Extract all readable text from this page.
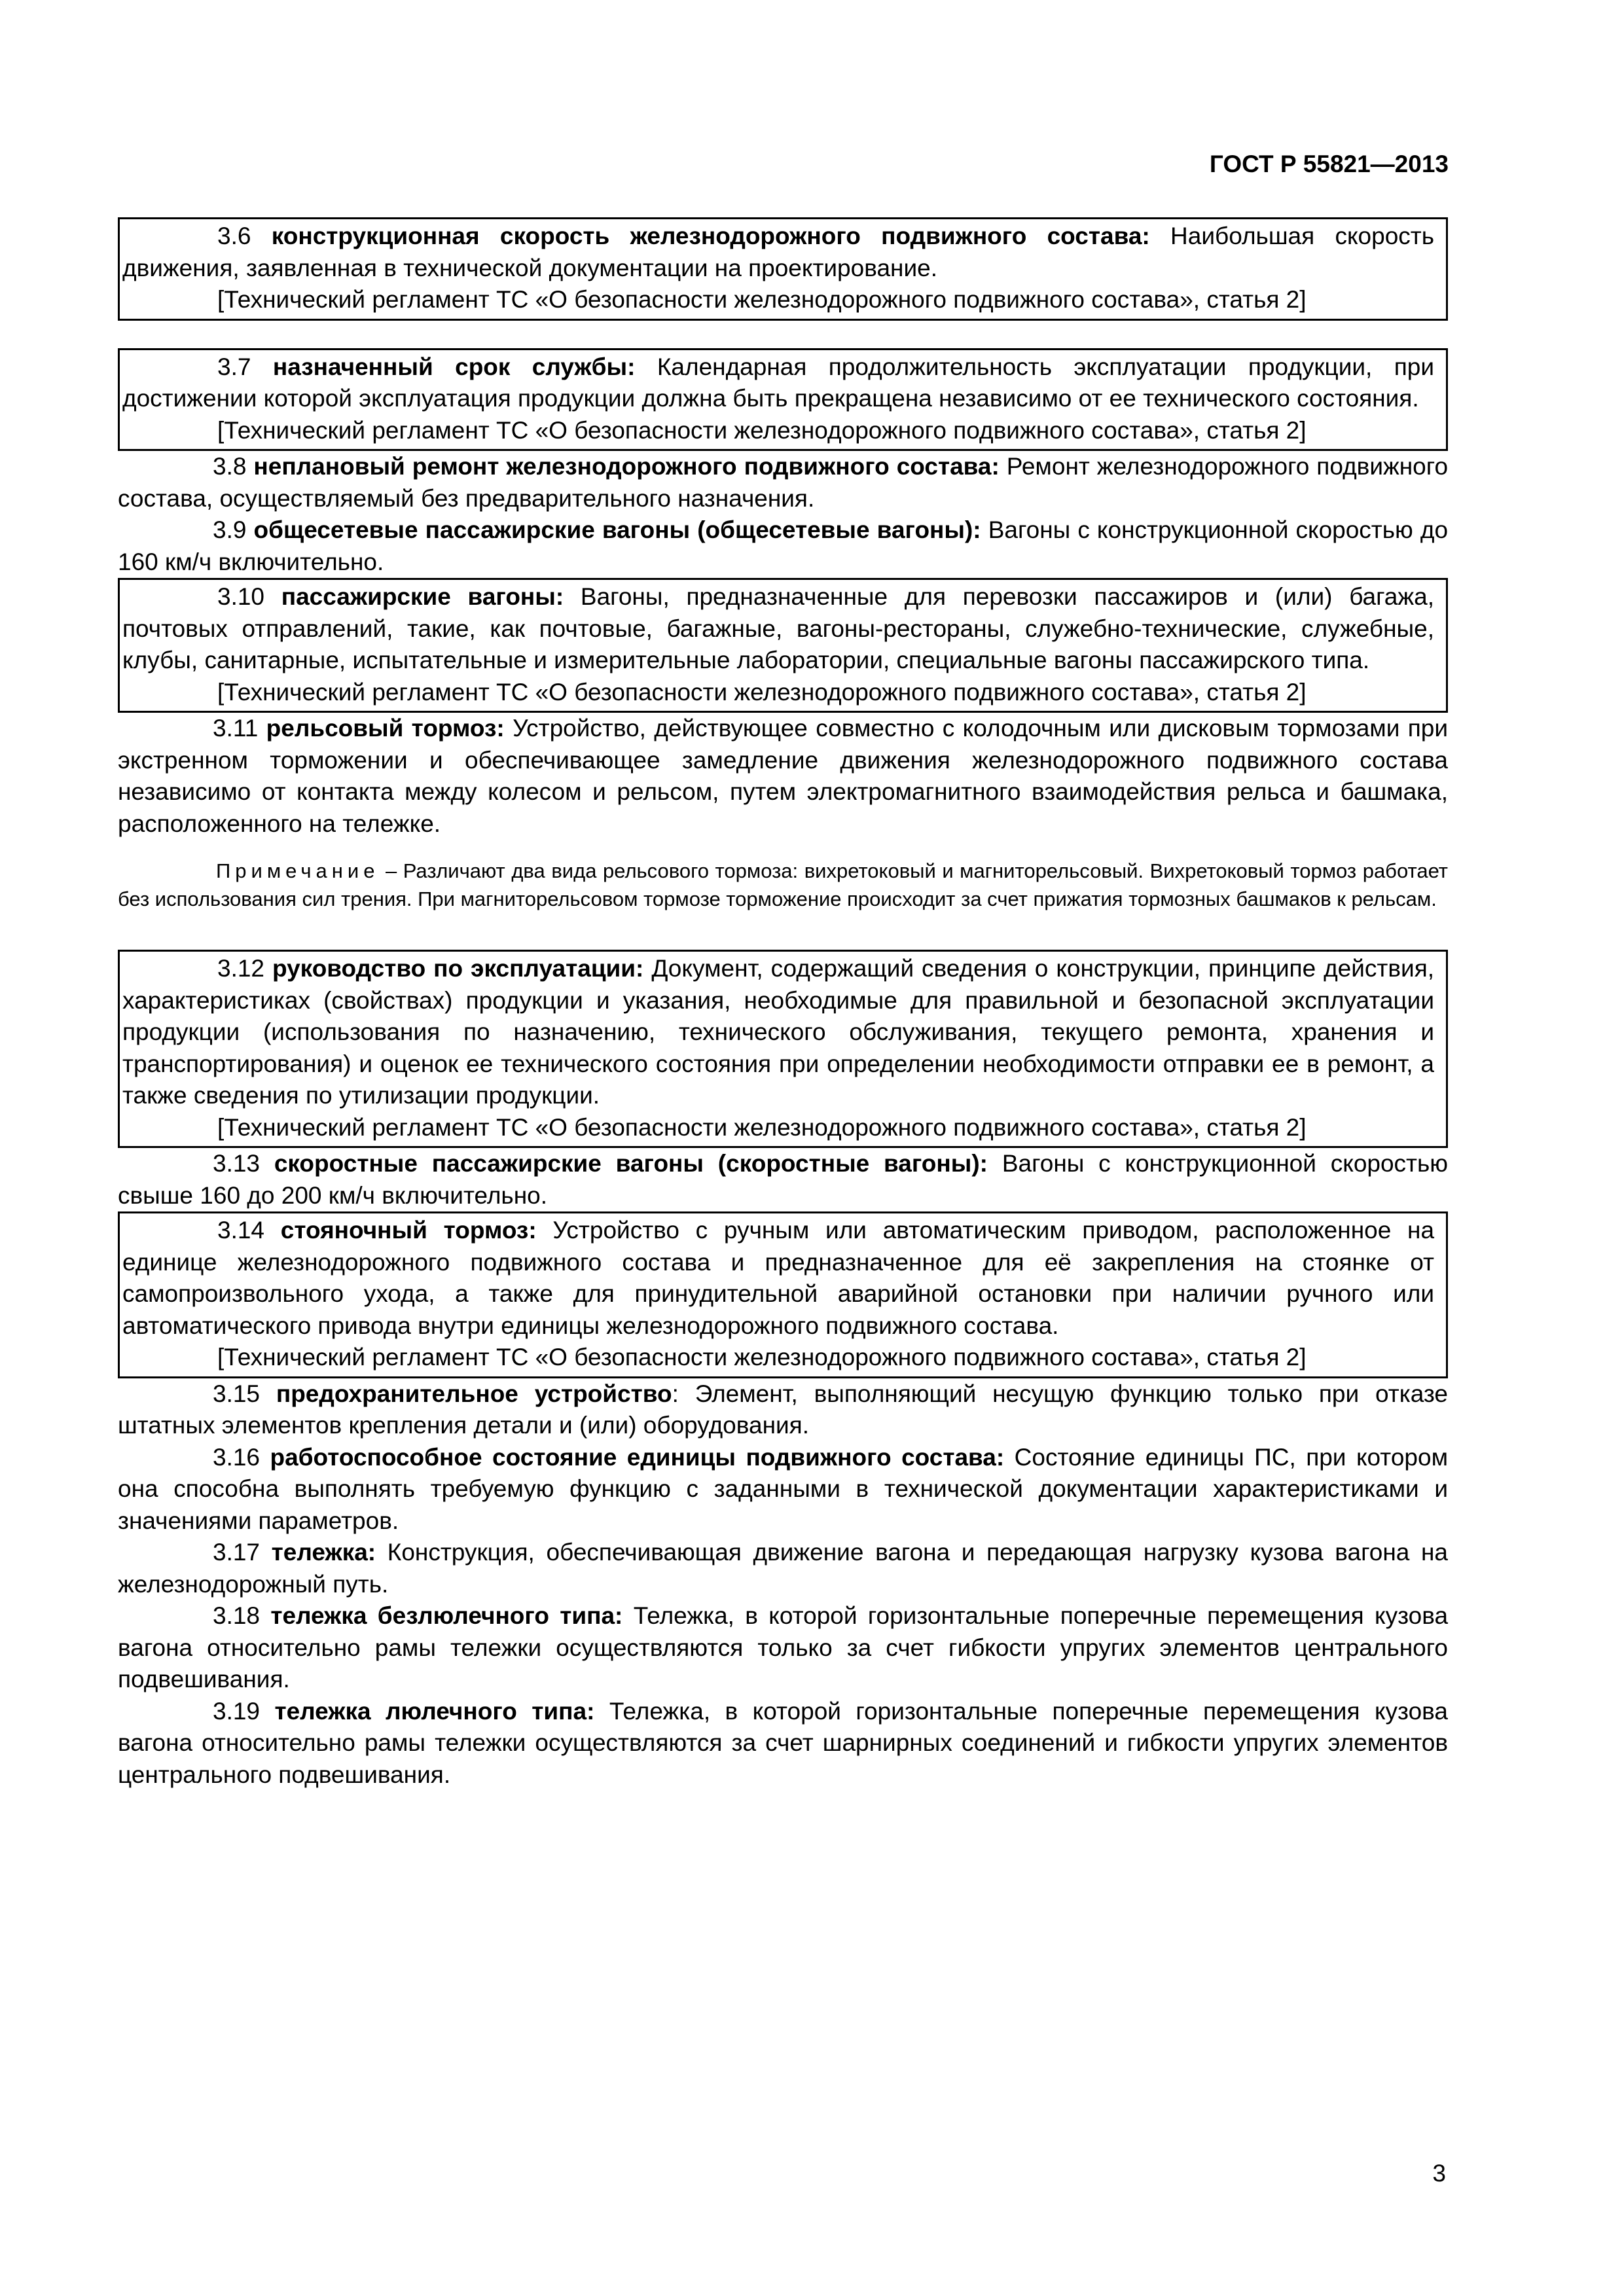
ГОСТ Р 55821—2013
3.6 конструкционная скорость железнодорожного подвижного состава: Наибольшая скорость движения, заявленная в технической документации на проектирование.
[Технический регламент ТС «О безопасности железнодорожного подвижного состава», статья 2]
3.7 назначенный срок службы: Календарная продолжительность эксплуатации продукции, при достижении которой эксплуатация продукции должна быть прекращена независимо от ее технического состояния.
[Технический регламент ТС «О безопасности железнодорожного подвижного состава», статья 2]
3.8 неплановый ремонт железнодорожного подвижного состава: Ремонт железнодорожного подвижного состава, осуществляемый без предварительного назначения.
3.9 общесетевые пассажирские вагоны (общесетевые вагоны): Вагоны с конструкционной скоростью до 160 км/ч включительно.
3.10 пассажирские вагоны: Вагоны, предназначенные для перевозки пассажиров и (или) багажа, почтовых отправлений, такие, как почтовые, багажные, вагоны-рестораны, служебно-технические, служебные, клубы, санитарные, испытательные и измерительные лаборатории, специальные вагоны пассажирского типа.
[Технический регламент ТС «О безопасности железнодорожного подвижного состава», статья 2]
3.11 рельсовый тормоз: Устройство, действующее совместно с колодочным или дисковым тормозами при экстренном торможении и обеспечивающее замедление движения железнодорожного подвижного состава независимо от контакта между колесом и рельсом, путем электромагнитного взаимодействия рельса и башмака, расположенного на тележке.
Примечание – Различают два вида рельсового тормоза: вихретоковый и магниторельсовый. Вихретоковый тормоз работает без использования сил трения. При магниторельсовом тормозе торможение происходит за счет прижатия тормозных башмаков к рельсам.
3.12 руководство по эксплуатации: Документ, содержащий сведения о конструкции, принципе действия, характеристиках (свойствах) продукции и указания, необходимые для правильной и безопасной эксплуатации продукции (использования по назначению, технического обслуживания, текущего ремонта, хранения и транспортирования) и оценок ее технического состояния при определении необходимости отправки ее в ремонт, а также сведения по утилизации продукции.
[Технический регламент ТС «О безопасности железнодорожного подвижного состава», статья 2]
3.13 скоростные пассажирские вагоны (скоростные вагоны): Вагоны с конструкционной скоростью свыше 160 до 200 км/ч включительно.
3.14 стояночный тормоз: Устройство с ручным или автоматическим приводом, расположенное на единице железнодорожного подвижного состава и предназначенное для её закрепления на стоянке от самопроизвольного ухода, а также для принудительной аварийной остановки при наличии ручного или автоматического привода внутри единицы железнодорожного подвижного состава.
[Технический регламент ТС «О безопасности железнодорожного подвижного состава», статья 2]
3.15 предохранительное устройство: Элемент, выполняющий несущую функцию только при отказе штатных элементов крепления детали и (или) оборудования.
3.16 работоспособное состояние единицы подвижного состава: Состояние единицы ПС, при котором она способна выполнять требуемую функцию с заданными в технической документации характеристиками и значениями параметров.
3.17 тележка: Конструкция, обеспечивающая движение вагона и передающая нагрузку кузова вагона на железнодорожный путь.
3.18 тележка безлюлечного типа: Тележка, в которой горизонтальные поперечные перемещения кузова вагона относительно рамы тележки осуществляются только за счет гибкости упругих элементов центрального подвешивания.
3.19 тележка люлечного типа: Тележка, в которой горизонтальные поперечные перемещения кузова вагона относительно рамы тележки осуществляются за счет шарнирных соединений и гибкости упругих элементов центрального подвешивания.
3
